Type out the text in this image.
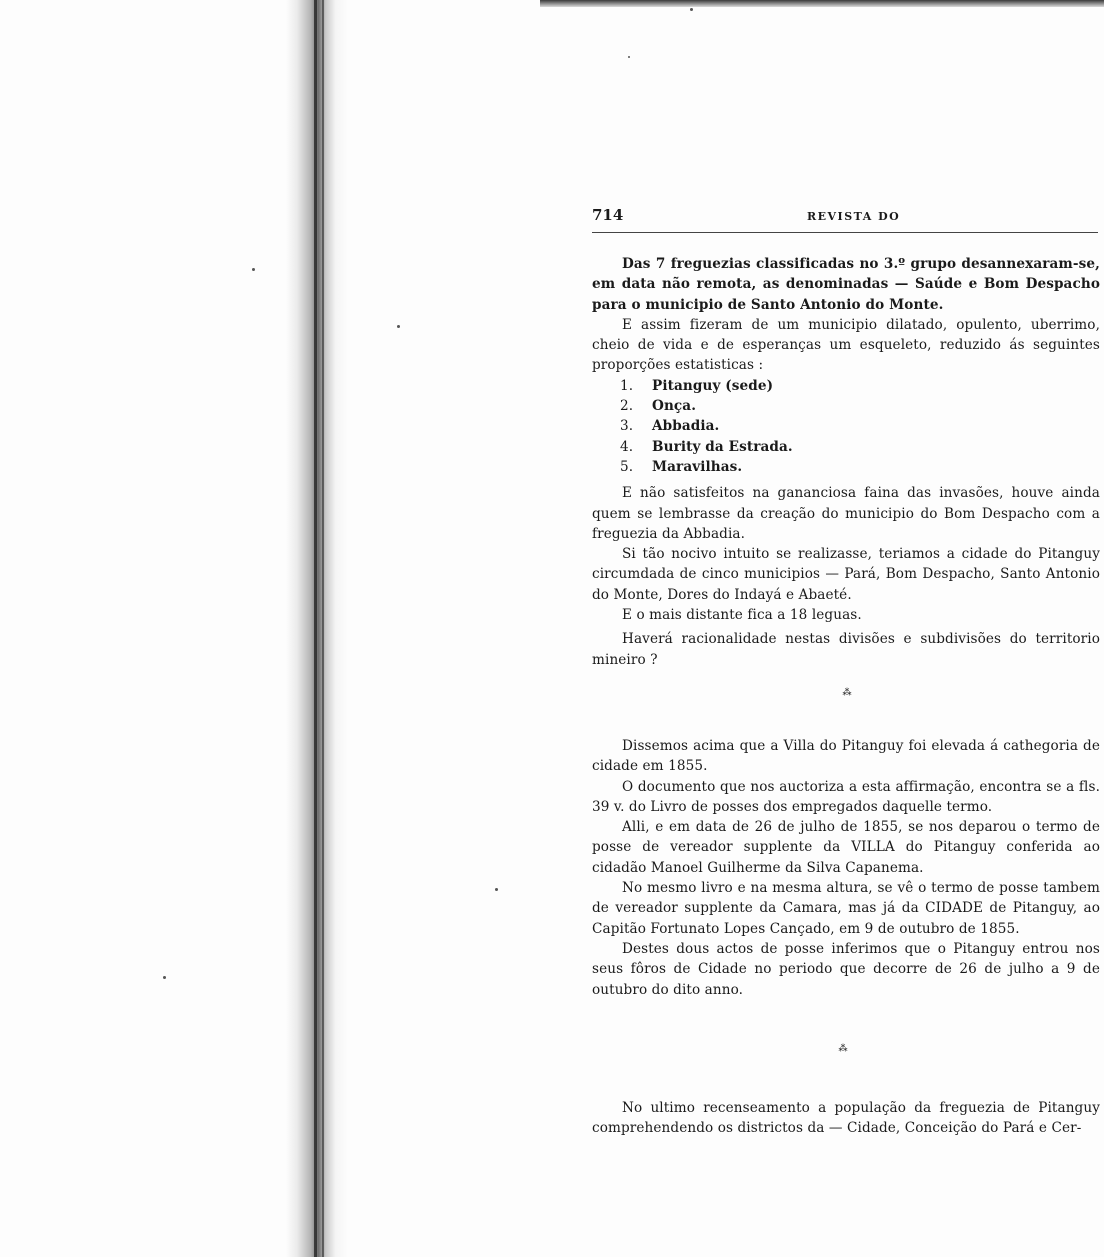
714	REVISTA DO

Das 7 freguezias classificadas no 3.º grupo desannexaram-se, em data não remota, as denominadas — Saúde e Bom Despacho para o municipio de Santo Antonio do Monte.

E assim fizeram de um municipio dilatado, opulento, uberrimo, cheio de vida e de esperanças um esqueleto, reduzido ás seguintes proporções estatisticas :

1. Pitanguy (sede)
2. Onça.
3. Abbadia.
4. Burity da Estrada.
5. Maravilhas.

E não satisfeitos na gananciosa faina das invasões, houve ainda quem se lembrasse da creação do municipio do Bom Despacho com a freguezia da Abbadia.

Si tão nocivo intuito se realizasse, teriamos a cidade do Pitanguy circumdada de cinco municipios — Pará, Bom Despacho, Santo Antonio do Monte, Dores do Indayá e Abaeté.

E o mais distante fica a 18 leguas.

Haverá racionalidade nestas divisões e subdivisões do territorio mineiro ?

⁂

Dissemos acima que a Villa do Pitanguy foi elevada á cathegoria de cidade em 1855.

O documento que nos auctoriza a esta affirmação, encontra se a fls. 39 v. do Livro de posses dos empregados daquelle termo.

Alli, e em data de 26 de julho de 1855, se nos deparou o termo de posse de vereador supplente da VILLA do Pitanguy conferida ao cidadão Manoel Guilherme da Silva Capanema.

No mesmo livro e na mesma altura, se vê o termo de posse tambem de vereador supplente da Camara, mas já da CIDADE de Pitanguy, ao Capitão Fortunato Lopes Cançado, em 9 de outubro de 1855.

Destes dous actos de posse inferimos que o Pitanguy entrou nos seus fôros de Cidade no periodo que decorre de 26 de julho a 9 de outubro do dito anno.

⁂

No ultimo recenseamento a população da freguezia de Pitanguy comprehendendo os districtos da — Cidade, Conceição do Pará e Cer-
